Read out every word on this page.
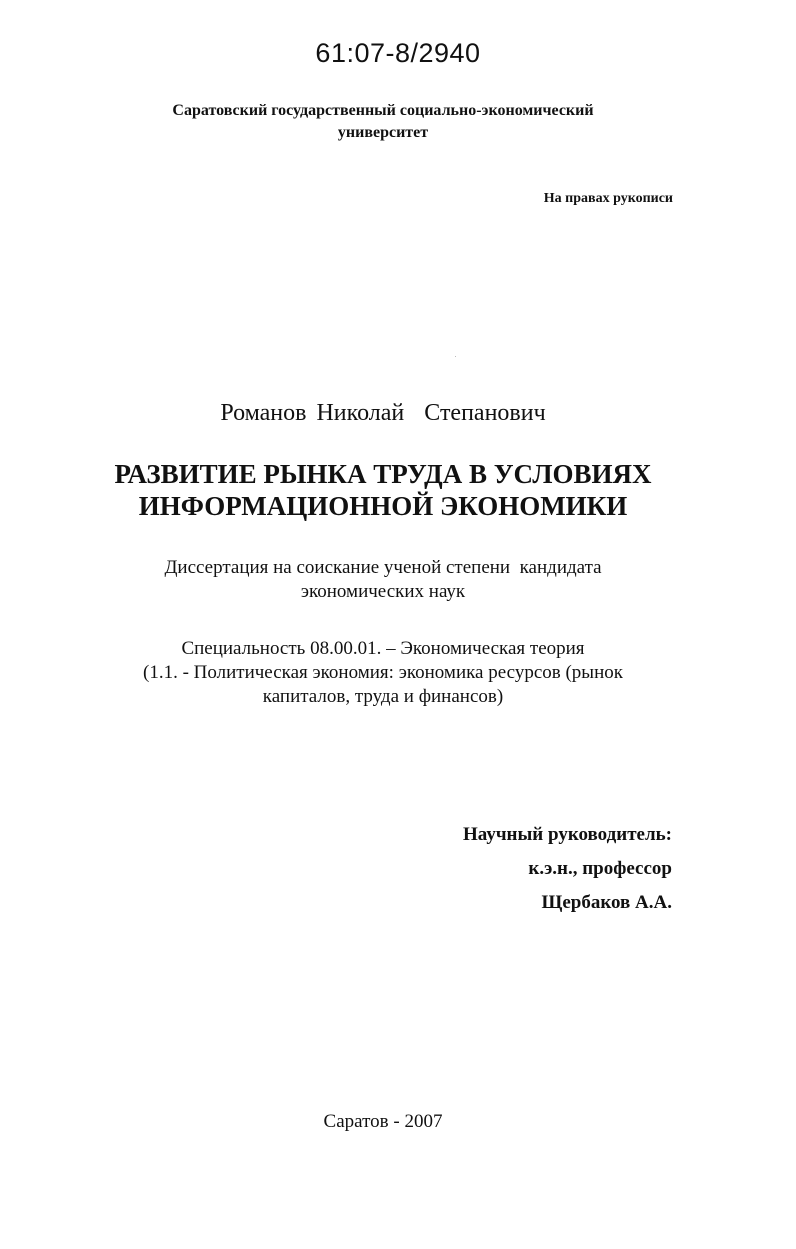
61:07-8/2940
Саратовский государственный социально-экономический
университет
На правах рукописи
Романов Николай  Степанович
РАЗВИТИЕ РЫНКА ТРУДА В УСЛОВИЯХ
ИНФОРМАЦИОННОЙ ЭКОНОМИКИ
Диссертация на соискание ученой степени  кандидата
экономических наук
Специальность 08.00.01. – Экономическая теория
(1.1. - Политическая экономия: экономика ресурсов (рынок
капиталов, труда и финансов)
Научный руководитель:
к.э.н., профессор
Щербаков А.А.
Саратов - 2007
